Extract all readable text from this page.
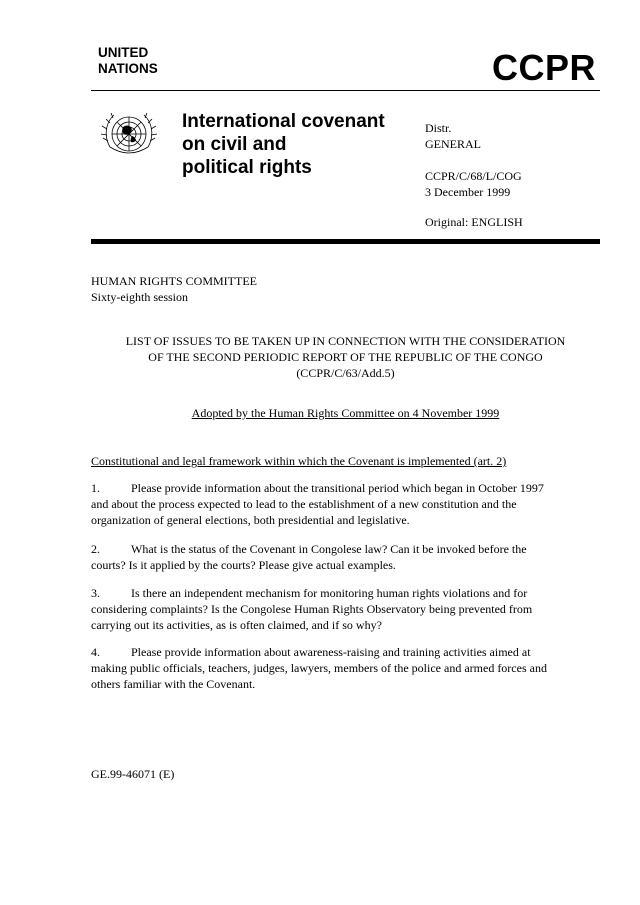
UNITED
NATIONS	CCPR
International covenant
on civil and
political rights
Distr.
GENERAL
CCPR/C/68/L/COG
3 December 1999
Original: ENGLISH
HUMAN RIGHTS COMMITTEE
Sixty-eighth session
LIST OF ISSUES TO BE TAKEN UP IN CONNECTION WITH THE CONSIDERATION
OF THE SECOND PERIODIC REPORT OF THE REPUBLIC OF THE CONGO
(CCPR/C/63/Add.5)
Adopted by the Human Rights Committee on 4 November 1999
Constitutional and legal framework within which the Covenant is implemented (art. 2)
1.	Please provide information about the transitional period which began in October 1997
and about the process expected to lead to the establishment of a new constitution and the
organization of general elections, both presidential and legislative.
2.	What is the status of the Covenant in Congolese law? Can it be invoked before the
courts? Is it applied by the courts? Please give actual examples.
3.	Is there an independent mechanism for monitoring human rights violations and for
considering complaints? Is the Congolese Human Rights Observatory being prevented from
carrying out its activities, as is often claimed, and if so why?
4.	Please provide information about awareness-raising and training activities aimed at
making public officials, teachers, judges, lawyers, members of the police and armed forces and
others familiar with the Covenant.
GE.99-46071 (E)
